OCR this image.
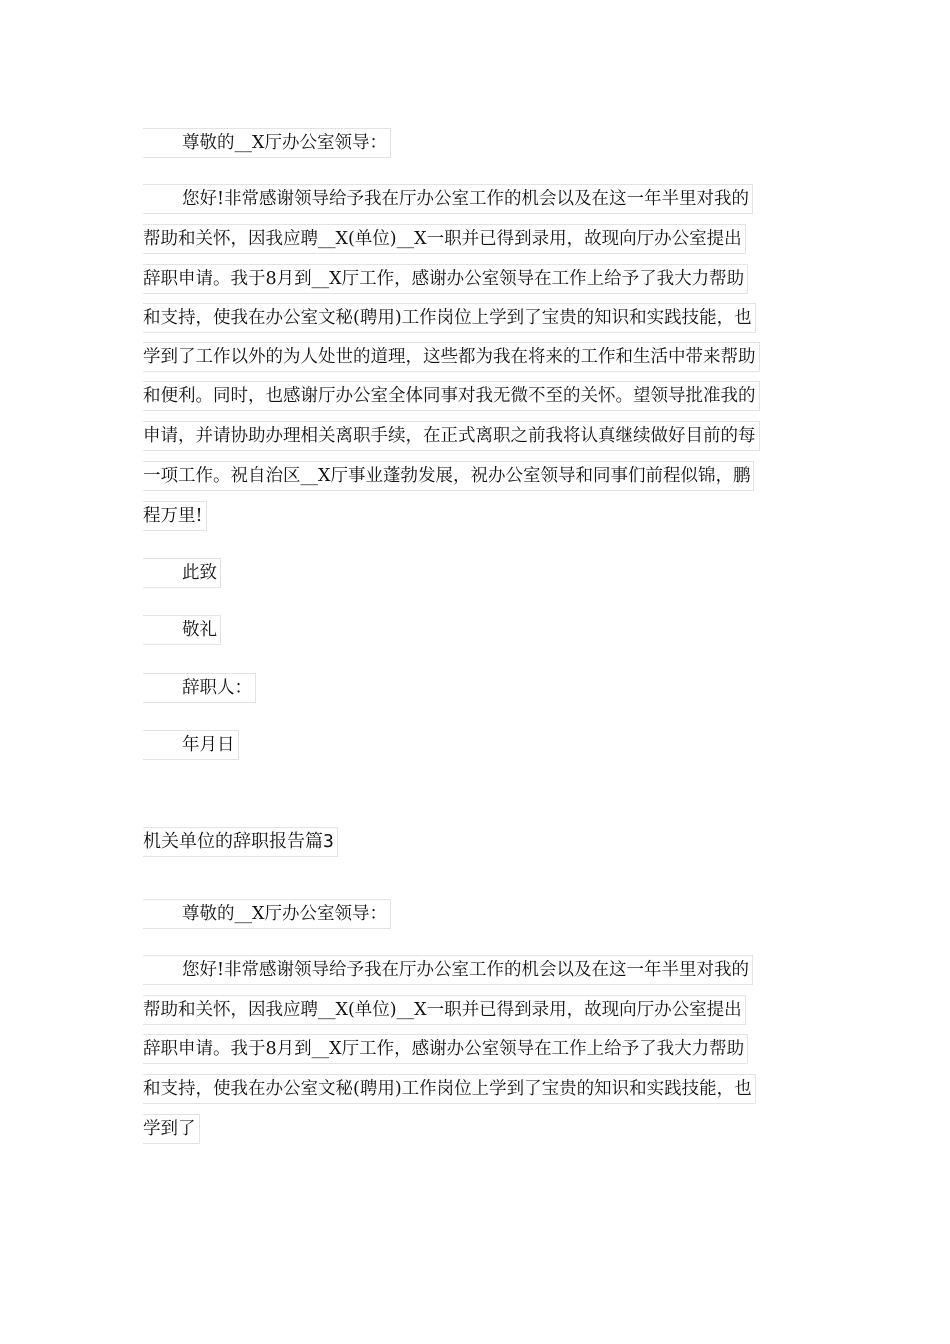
尊敬的__X厅办公室领导：
您好!非常感谢领导给予我在厅办公室工作的机会以及在这一年半里对我的
帮助和关怀，因我应聘__X(单位)__X一职并已得到录用，故现向厅办公室提出
辞职申请。我于8月到__X厅工作，感谢办公室领导在工作上给予了我大力帮助
和支持，使我在办公室文秘(聘用)工作岗位上学到了宝贵的知识和实践技能，也
学到了工作以外的为人处世的道理，这些都为我在将来的工作和生活中带来帮助
和便利。同时，也感谢厅办公室全体同事对我无微不至的关怀。望领导批准我的
申请，并请协助办理相关离职手续，在正式离职之前我将认真继续做好目前的每
一项工作。祝自治区__X厅事业蓬勃发展，祝办公室领导和同事们前程似锦，鹏
程万里!
此致
敬礼
辞职人：
年月日
机关单位的辞职报告篇3
尊敬的__X厅办公室领导：
您好!非常感谢领导给予我在厅办公室工作的机会以及在这一年半里对我的
帮助和关怀，因我应聘__X(单位)__X一职并已得到录用，故现向厅办公室提出
辞职申请。我于8月到__X厅工作，感谢办公室领导在工作上给予了我大力帮助
和支持，使我在办公室文秘(聘用)工作岗位上学到了宝贵的知识和实践技能，也
学到了
